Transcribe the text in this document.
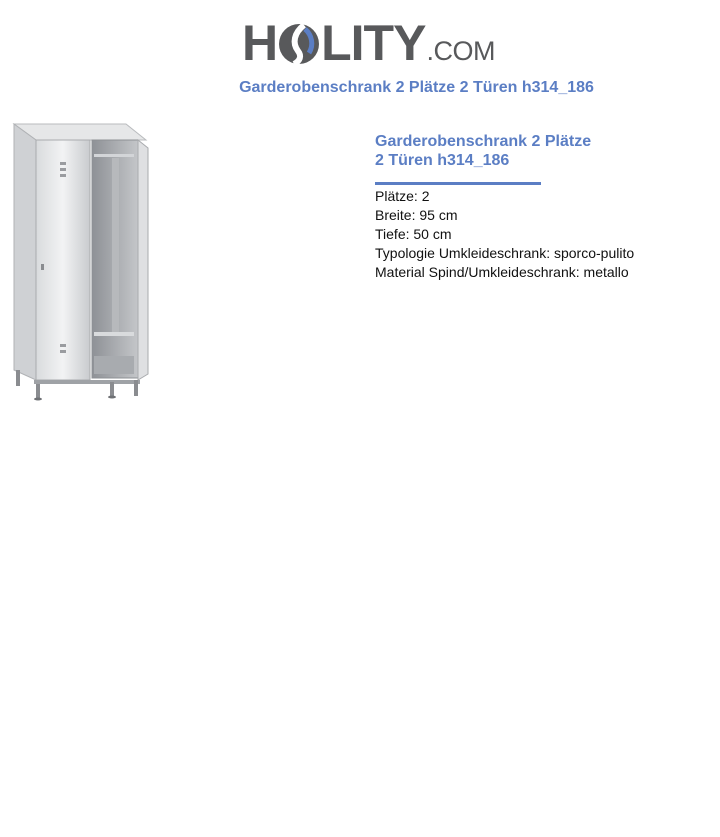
H LITY .COM
Garderobenschrank 2 Plätze 2 Türen h314_186
Garderobenschrank 2 Plätze
2 Türen h314_186
Plätze: 2
Breite: 95 cm
Tiefe: 50 cm
Typologie Umkleideschrank: sporco-pulito
Material Spind/Umkleideschrank: metallo
